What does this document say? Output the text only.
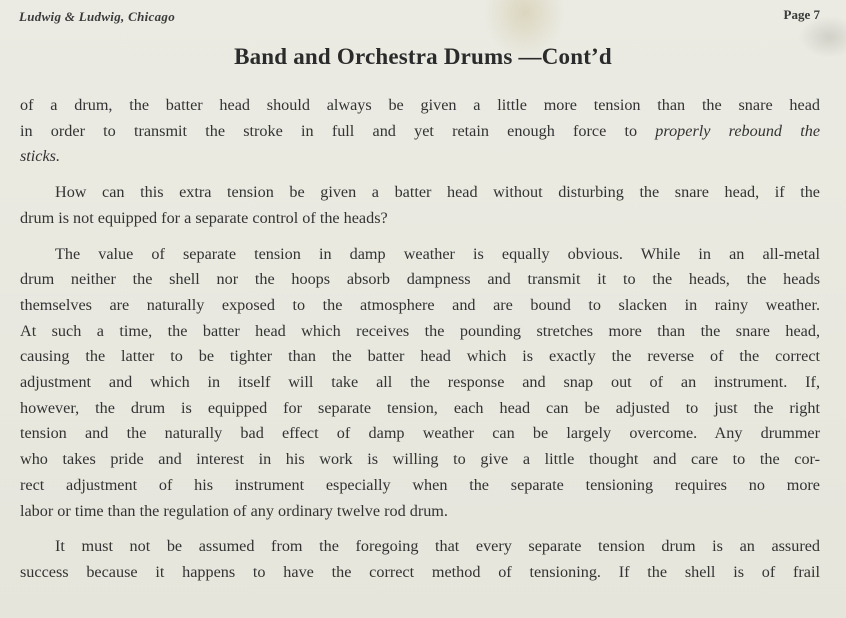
Ludwig & Ludwig, Chicago	Page 7
Band and Orchestra Drums —Cont’d
of a drum, the batter head should always be given a little more tension than the snare head
in order to transmit the stroke in full and yet retain enough force to properly rebound the
sticks.
How can this extra tension be given a batter head without disturbing the snare head, if the
drum is not equipped for a separate control of the heads?
The value of separate tension in damp weather is equally obvious. While in an all-metal
drum neither the shell nor the hoops absorb dampness and transmit it to the heads, the heads
themselves are naturally exposed to the atmosphere and are bound to slacken in rainy weather.
At such a time, the batter head which receives the pounding stretches more than the snare head,
causing the latter to be tighter than the batter head which is exactly the reverse of the correct
adjustment and which in itself will take all the response and snap out of an instrument. If,
however, the drum is equipped for separate tension, each head can be adjusted to just the right
tension and the naturally bad effect of damp weather can be largely overcome. Any drummer
who takes pride and interest in his work is willing to give a little thought and care to the cor-
rect adjustment of his instrument especially when the separate tensioning requires no more
labor or time than the regulation of any ordinary twelve rod drum.
It must not be assumed from the foregoing that every separate tension drum is an assured
success because it happens to have the correct method of tensioning. If the shell is of frail
